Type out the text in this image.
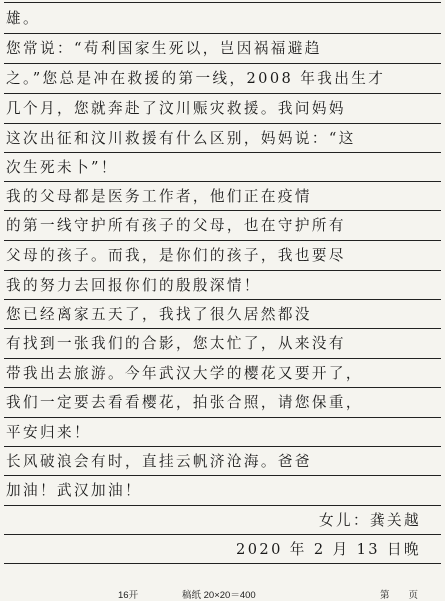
雄。
您常说：“苟利国家生死以，岂因祸福避趋
之。”您总是冲在救援的第一线，2008 年我出生才
几个月，您就奔赴了汶川赈灾救援。我问妈妈
这次出征和汶川救援有什么区别，妈妈说：“这
次生死未卜”！
我的父母都是医务工作者，他们正在疫情
的第一线守护所有孩子的父母，也在守护所有
父母的孩子。而我，是你们的孩子，我也要尽
我的努力去回报你们的殷殷深情！
您已经离家五天了，我找了很久居然都没
有找到一张我们的合影，您太忙了，从来没有
带我出去旅游。今年武汉大学的樱花又要开了，
我们一定要去看看樱花，拍张合照，请您保重，
平安归来！
长风破浪会有时，直挂云帆济沧海。爸爸
加油！武汉加油！
女儿：龚关越
2020 年 2 月 13 日晚
16开	稿纸 20×20＝400	第　　页
